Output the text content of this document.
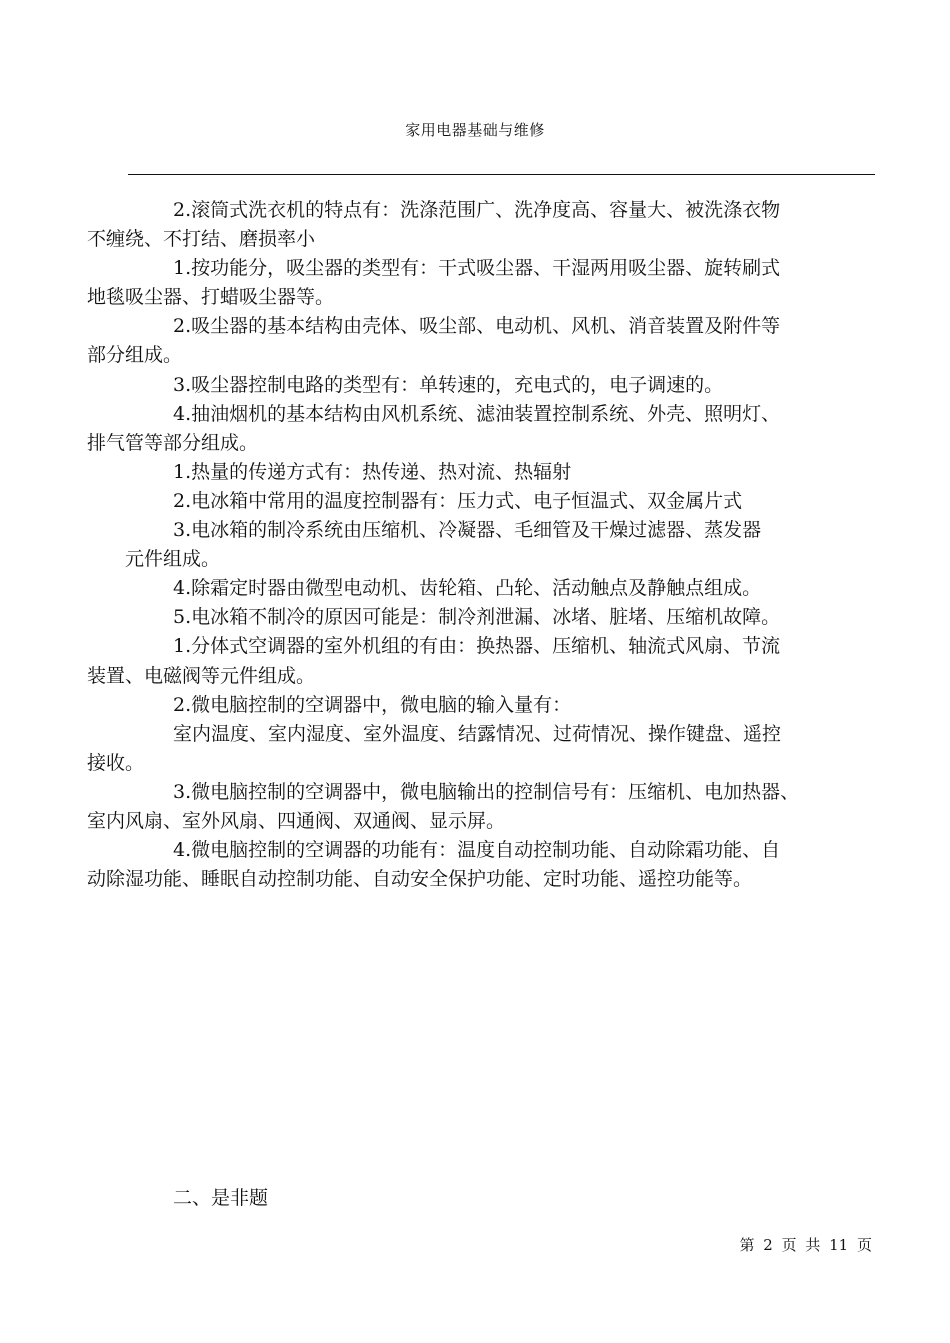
家用电器基础与维修

2.滚筒式洗衣机的特点有：洗涤范围广、洗净度高、容量大、被洗涤衣物
不缠绕、不打结、磨损率小

1.按功能分，吸尘器的类型有：干式吸尘器、干湿两用吸尘器、旋转刷式
地毯吸尘器、打蜡吸尘器等。

2.吸尘器的基本结构由壳体、吸尘部、电动机、风机、消音装置及附件等
部分组成。

3.吸尘器控制电路的类型有：单转速的，充电式的，电子调速的。

4.抽油烟机的基本结构由风机系统、滤油装置控制系统、外壳、照明灯、
排气管等部分组成。

1.热量的传递方式有：热传递、热对流、热辐射

2.电冰箱中常用的温度控制器有：压力式、电子恒温式、双金属片式

3.电冰箱的制冷系统由压缩机、冷凝器、毛细管及干燥过滤器、蒸发器
　　元件组成。

4.除霜定时器由微型电动机、齿轮箱、凸轮、活动触点及静触点组成。

5.电冰箱不制冷的原因可能是：制冷剂泄漏、冰堵、脏堵、压缩机故障。

1.分体式空调器的室外机组的有由：换热器、压缩机、轴流式风扇、节流
装置、电磁阀等元件组成。

2.微电脑控制的空调器中，微电脑的输入量有：

室内温度、室内湿度、室外温度、结露情况、过荷情况、操作键盘、遥控
接收。

3.微电脑控制的空调器中，微电脑输出的控制信号有：压缩机、电加热器、
室内风扇、室外风扇、四通阀、双通阀、显示屏。

4.微电脑控制的空调器的功能有：温度自动控制功能、自动除霜功能、自
动除湿功能、睡眠自动控制功能、自动安全保护功能、定时功能、遥控功能等。

二、是非题
第 2 页 共 11 页
